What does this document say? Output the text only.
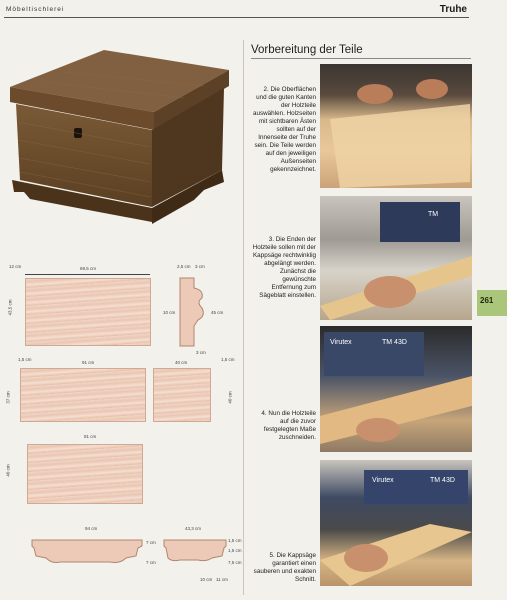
Möbeltischlerei	Truhe
261
12 cm	69,5 cm
43,5 cm
2,5 cm 3 cm
10 cm	45 cm
3 cm
1,5 cm
91 cm	40 cm
1,5 cm
37 cm	40 cm
81 cm
40 cm
94 cm	43,3 cm
7 cm	1,5 cm
1,5 cm
7,5 cm
7 cm
10 cm 11 cm
Vorbereitung der Teile
2. Die Oberflächen und die guten Kanten der Holzteile auswählen. Holzseiten mit sichtbaren Ästen sollten auf der Innenseite der Truhe sein. Die Teile werden auf den jeweiligen Außenseiten gekennzeichnet.
3. Die Enden der Holzteile sollen mit der Kappsäge rechtwinklig abgelängt werden. Zunächst die gewünschte Entfernung zum Sägeblatt einstellen.
TM
4. Nun die Holzteile auf die zuvor festgelegten Maße zuschneiden.
Virutex	TM 43D
5. Die Kappsäge garantiert einen sauberen und exakten Schnitt.
Virutex	TM 43D
